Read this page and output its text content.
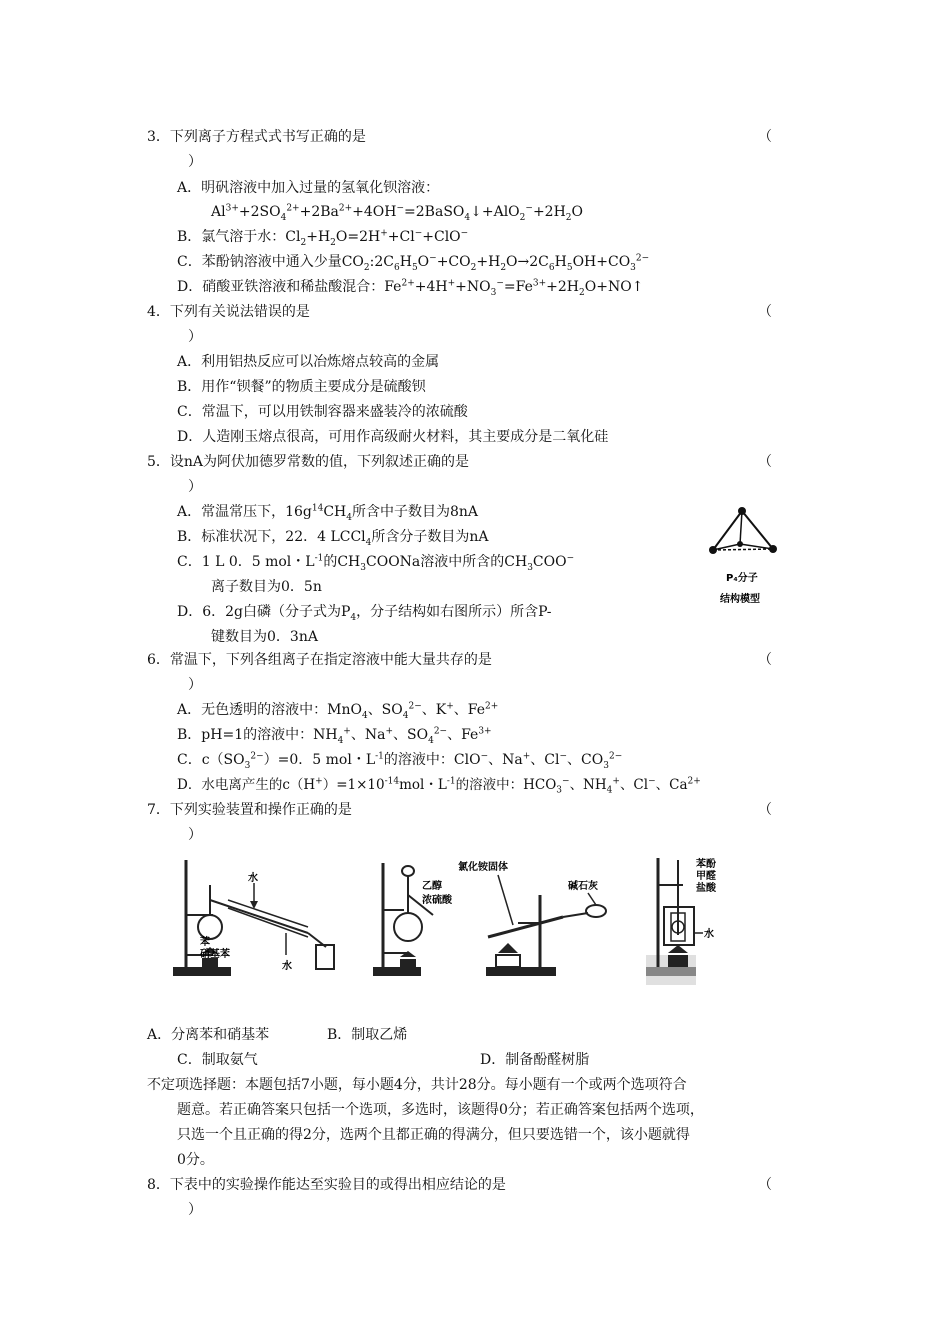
3．下列离子方程式式书写正确的是	（
）
A．明矾溶液中加入过量的氢氧化钡溶液：
$Al^{3+}+2SO_4^{2+}+2Ba^{2+}+4OH^-=2BaSO_4↓+AlO_2^-+2H_2O$
B．氯气溶于水：$Cl_2+H_2O=2H^++Cl^-+ClO^-$
C．苯酚钠溶液中通入少量$CO_2:2C_6H_5O^-+CO_2+H_2O\to 2C_6H_5OH+CO_3^{2-}$
D．硝酸亚铁溶液和稀盐酸混合：$Fe^{2+}+4H^++NO_3^-=Fe^{3+}+2H_2O+NO↑$
4．下列有关说法错误的是	（
）
A．利用铝热反应可以冶炼熔点较高的金属
B．用作“钡餐”的物质主要成分是硫酸钡
C．常温下，可以用铁制容器来盛装冷的浓硫酸
D．人造刚玉熔点很高，可用作高级耐火材料，其主要成分是二氧化硅
5．设nA为阿伏加德罗常数的值，下列叙述正确的是	（
）
A．常温常压下，$16g^{14}CH_4$所含中子数目为8nA
B．标准状况下，22．4 LCCl$_4$所含分子数目为nA
C．1 L 0．5 mol・$L^{-1}$的$CH_3COONa$溶液中所含的$CH_3COO^-$
离子数目为0．5n
D．6．2g白磷（分子式为$P_4$，分子结构如右图所示）所含P-
键数目为0．3nA
P₄分子
结构模型
6．常温下，下列各组离子在指定溶液中能大量共存的是	（
）
A．无色透明的溶液中：MnO$_4$、$SO_4^{2-}$、K+、$Fe^{2+}$
B．pH=1的溶液中：$NH_4^+$、Na+、$SO_4^{2-}$、$Fe^{3+}$
C．$c(SO_3^{2-})=0$．5 mol・$L^{-1}$的溶液中：ClO−、Na+、Cl−、$CO_3^{2-}$
D．水电离产生的$c(H^+)=1\times 10^{-14}mol$・$L^{-1}$的溶液中：$HCO_3^-$、$NH_4^+$、Cl−、$Ca^{2+}$
7．下列实验装置和操作正确的是	（
）
水
苯
硝基苯
水
乙醇
浓硫酸
氯化铵固体
碱石灰
苯酚
甲醛
盐酸
水
A．分离苯和硝基苯	B．制取乙烯
C．制取氨气	D．制备酚醛树脂
不定项选择题：本题包括7小题，每小题4分，共计28分。每小题有一个或两个选项符合
题意。若正确答案只包括一个选项，多选时，该题得0分；若正确答案包括两个选项，
只选一个且正确的得2分，选两个且都正确的得满分，但只要选错一个，该小题就得
0分。
8．下表中的实验操作能达至实验目的或得出相应结论的是	（
）
